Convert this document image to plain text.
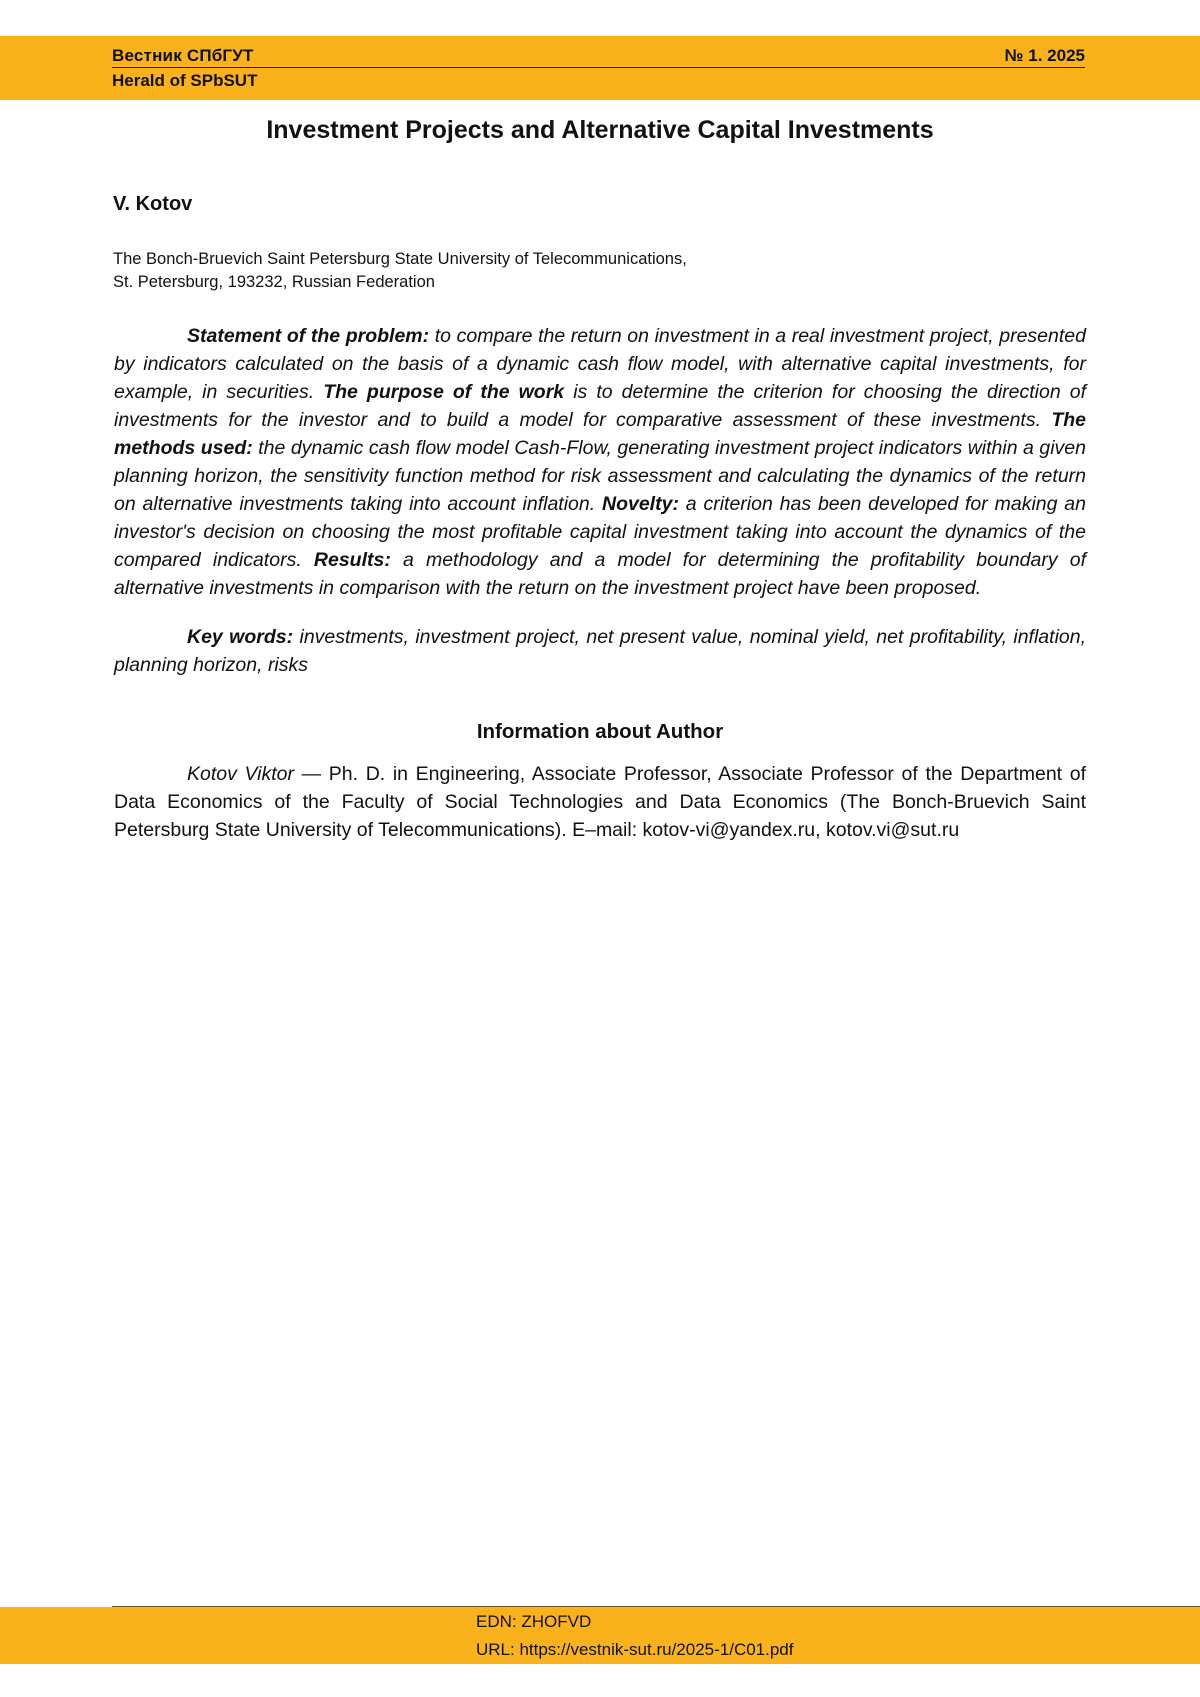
Вестник СПбГУТ	№ 1. 2025
Herald of SPbSUT
Investment Projects and Alternative Capital Investments
V. Kotov
The Bonch-Bruevich Saint Petersburg State University of Telecommunications,
St. Petersburg, 193232, Russian Federation

Statement of the problem: to compare the return on investment in a real investment project, presented by indicators calculated on the basis of a dynamic cash flow model, with alternative capital investments, for example, in securities. The purpose of the work is to determine the criterion for choosing the direction of investments for the investor and to build a model for comparative assessment of these investments. The methods used: the dynamic cash flow model Cash-Flow, generating investment project indicators within a given planning horizon, the sensitivity function method for risk assessment and calculating the dynamics of the return on alternative investments taking into account inflation. Novelty: a criterion has been developed for making an investor's decision on choosing the most profitable capital investment taking into account the dynamics of the compared indicators. Results: a methodology and a model for determining the profitability boundary of alternative investments in comparison with the return on the investment project have been proposed.

Key words: investments, investment project, net present value, nominal yield, net profitability, inflation, planning horizon, risks

Information about Author

Kotov Viktor — Ph. D. in Engineering, Associate Professor, Associate Professor of the Department of Data Economics of the Faculty of Social Technologies and Data Economics (The Bonch-Bruevich Saint Petersburg State University of Telecommunications). E–mail: kotov-vi@yandex.ru, kotov.vi@sut.ru

EDN: ZHOFVD
URL: https://vestnik-sut.ru/2025-1/C01.pdf
